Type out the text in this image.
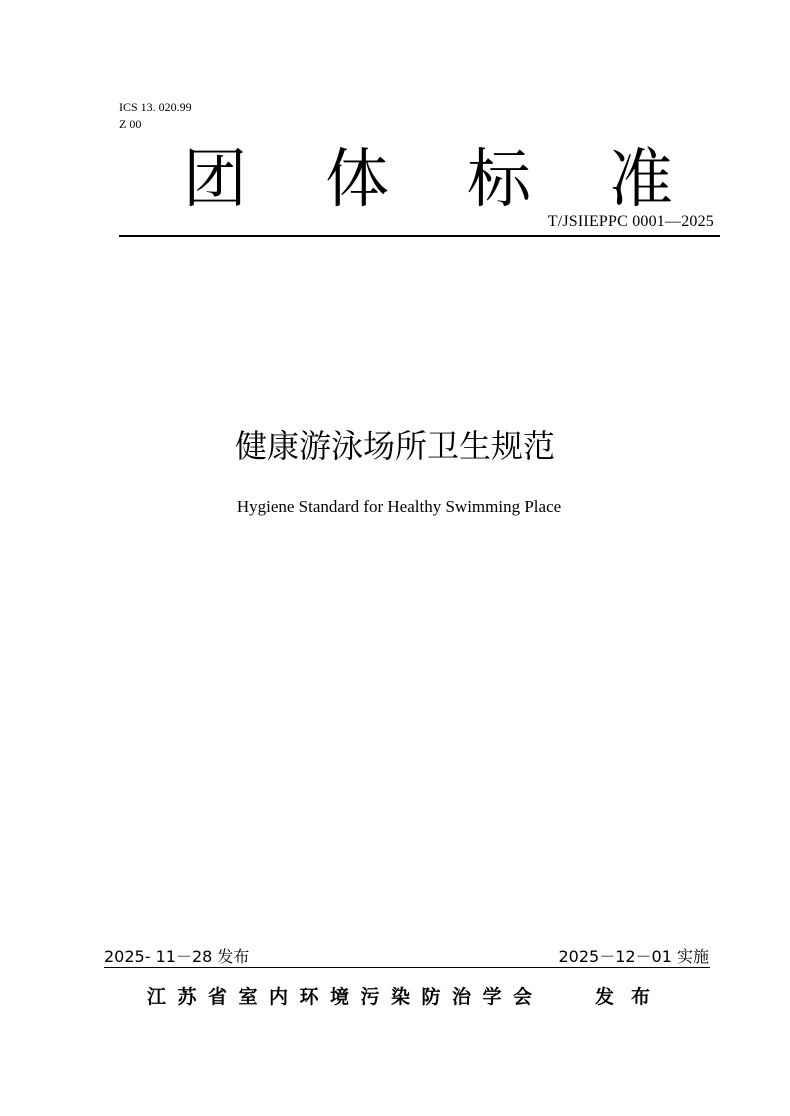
ICS 13. 020.99
Z 00
团 体 标 准
T/JSIIEPPC 0001—2025
健康游泳场所卫生规范
Hygiene Standard for Healthy Swimming Place
2025- 11－28 发布	2025－12－01 实施
江苏省室内环境污染防治学会	发布
